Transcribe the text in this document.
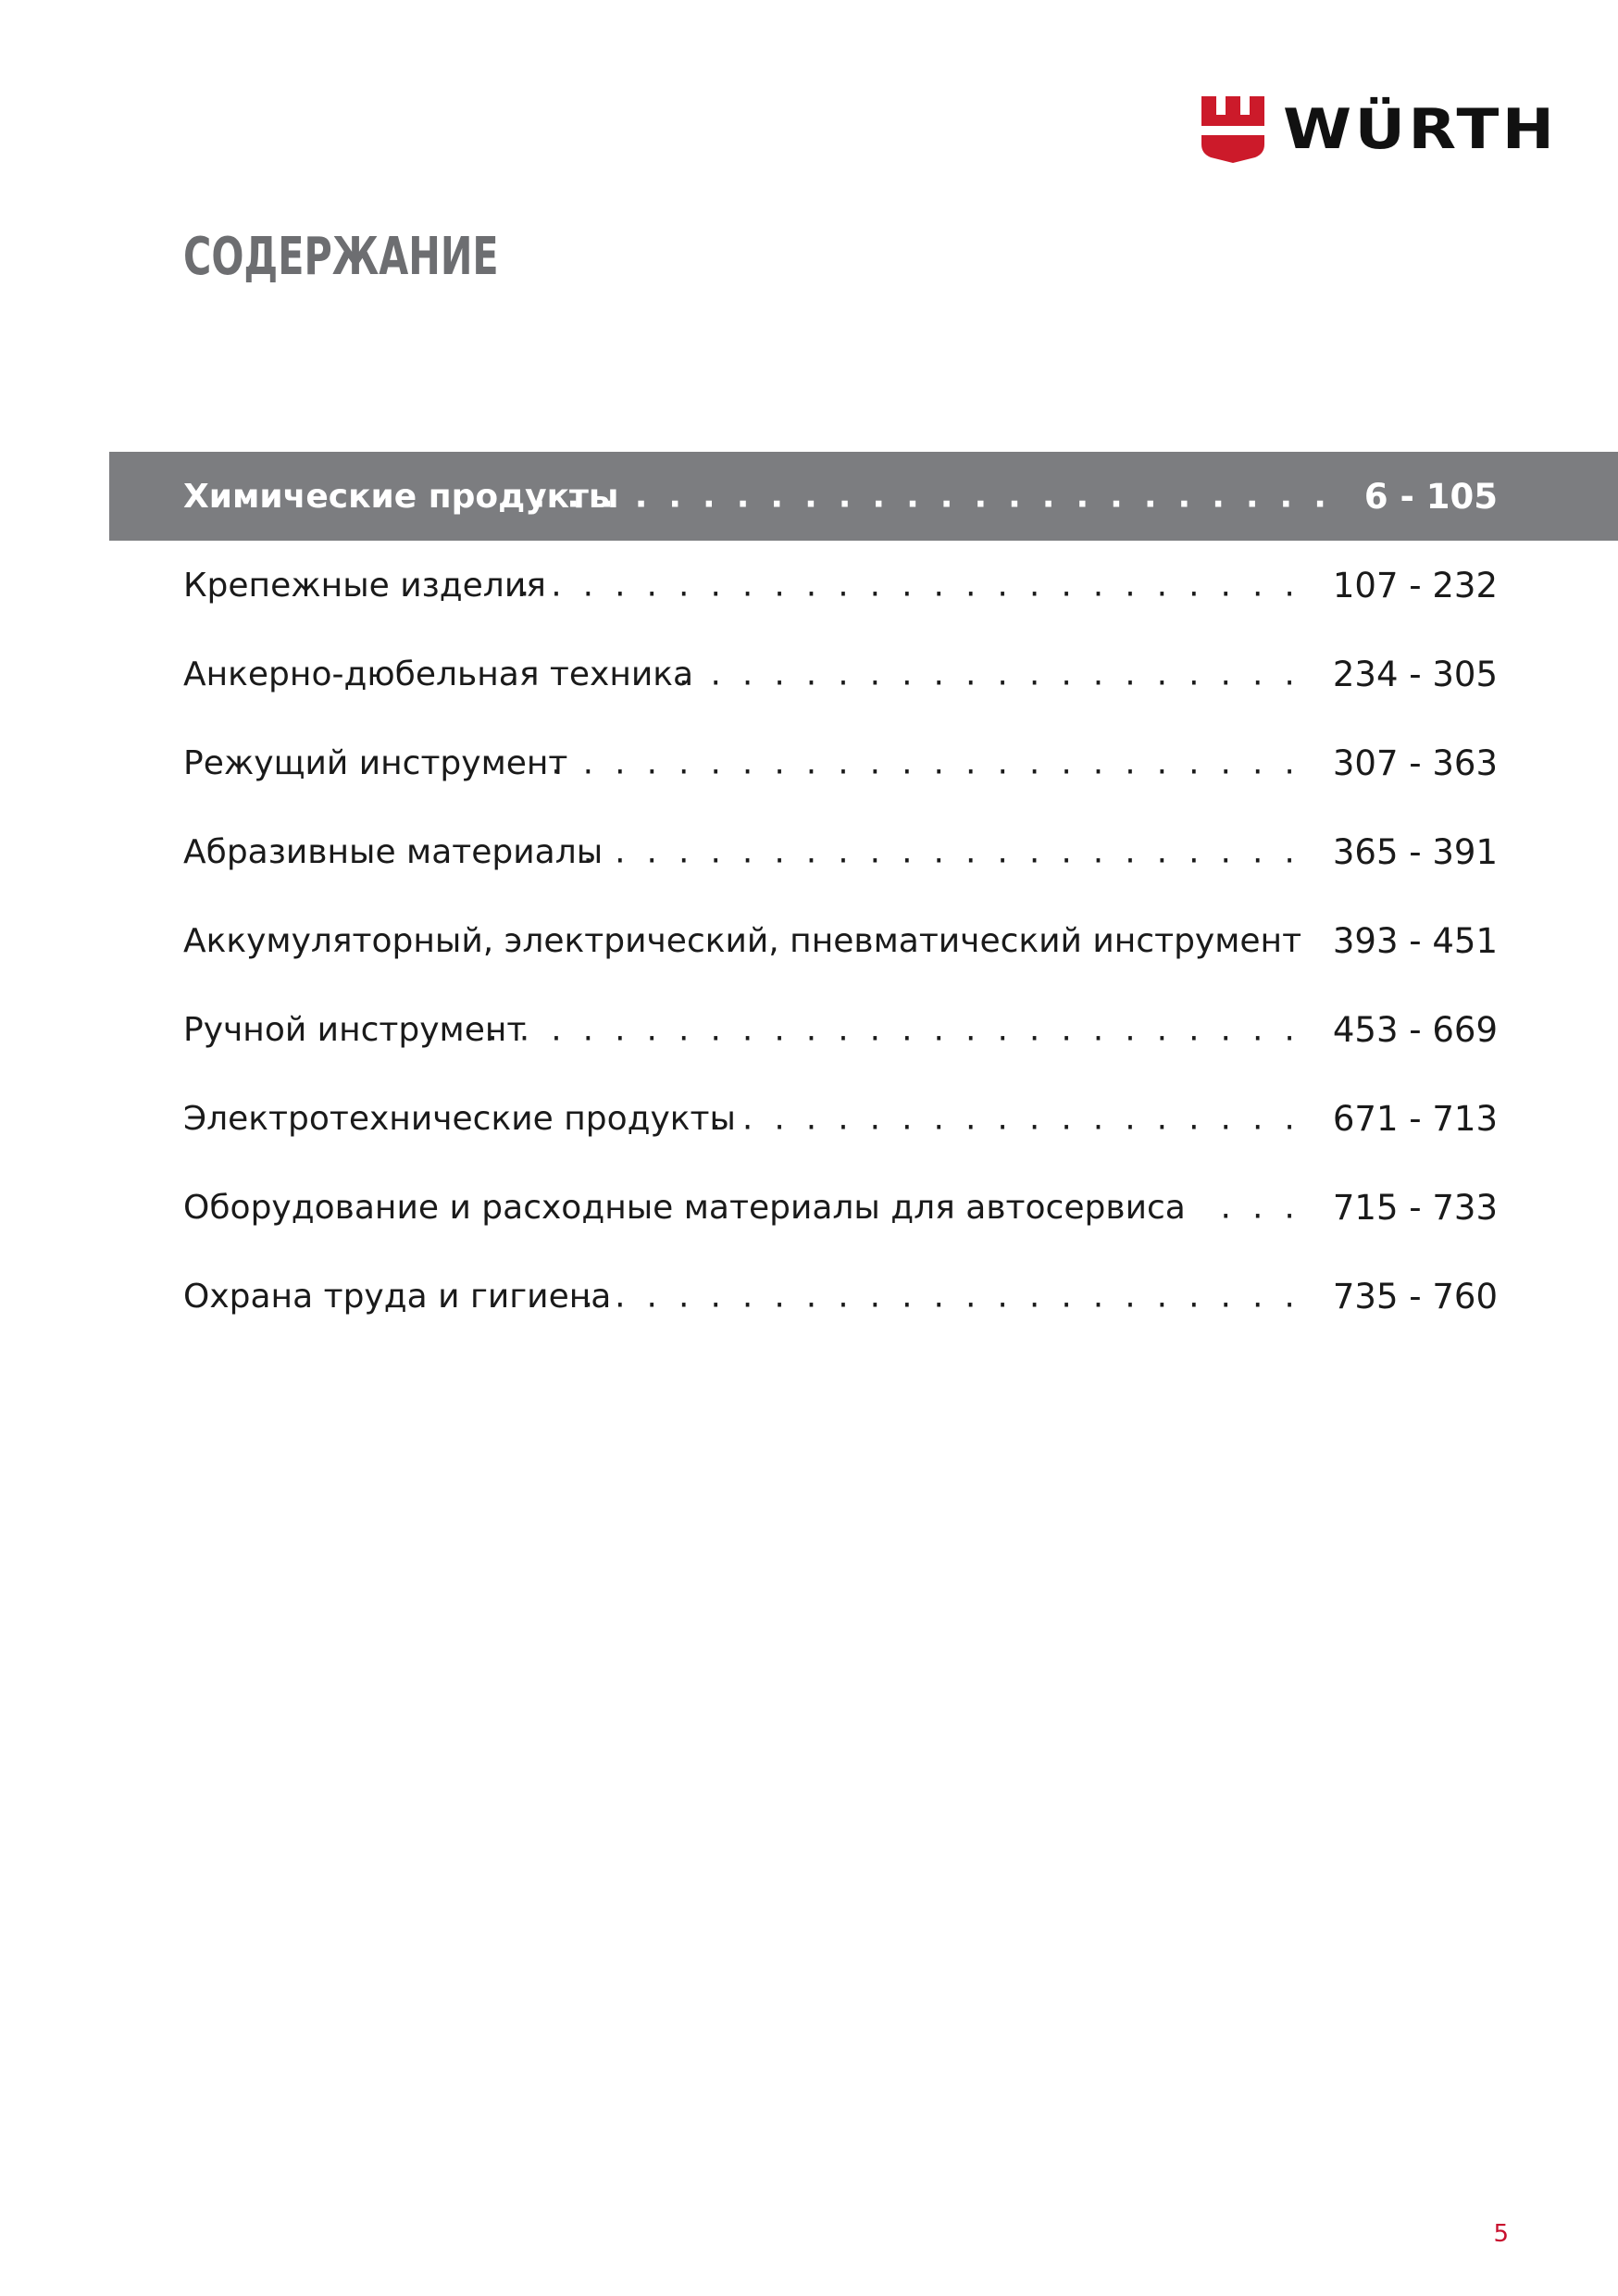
WÜRTH
СОДЕРЖАНИЕ
Химические продукты
........................ 6 - 105
Крепежные изделия
......................... 107 - 232
Анкерно-дюбельная техника
.................... 234 - 305
Режущий инструмент
........................ 307 - 363
Абразивные материалы
....................... 365 - 391
Аккумуляторный, электрический, пневматический инструмент 393 - 451
Ручной инструмент
.......................... 453 - 669
Электротехнические продукты
................... 671 - 713
Оборудование и расходные материалы для автосервиса	... 715 - 733
Охрана труда и гигиена
....................... 735 - 760
5
